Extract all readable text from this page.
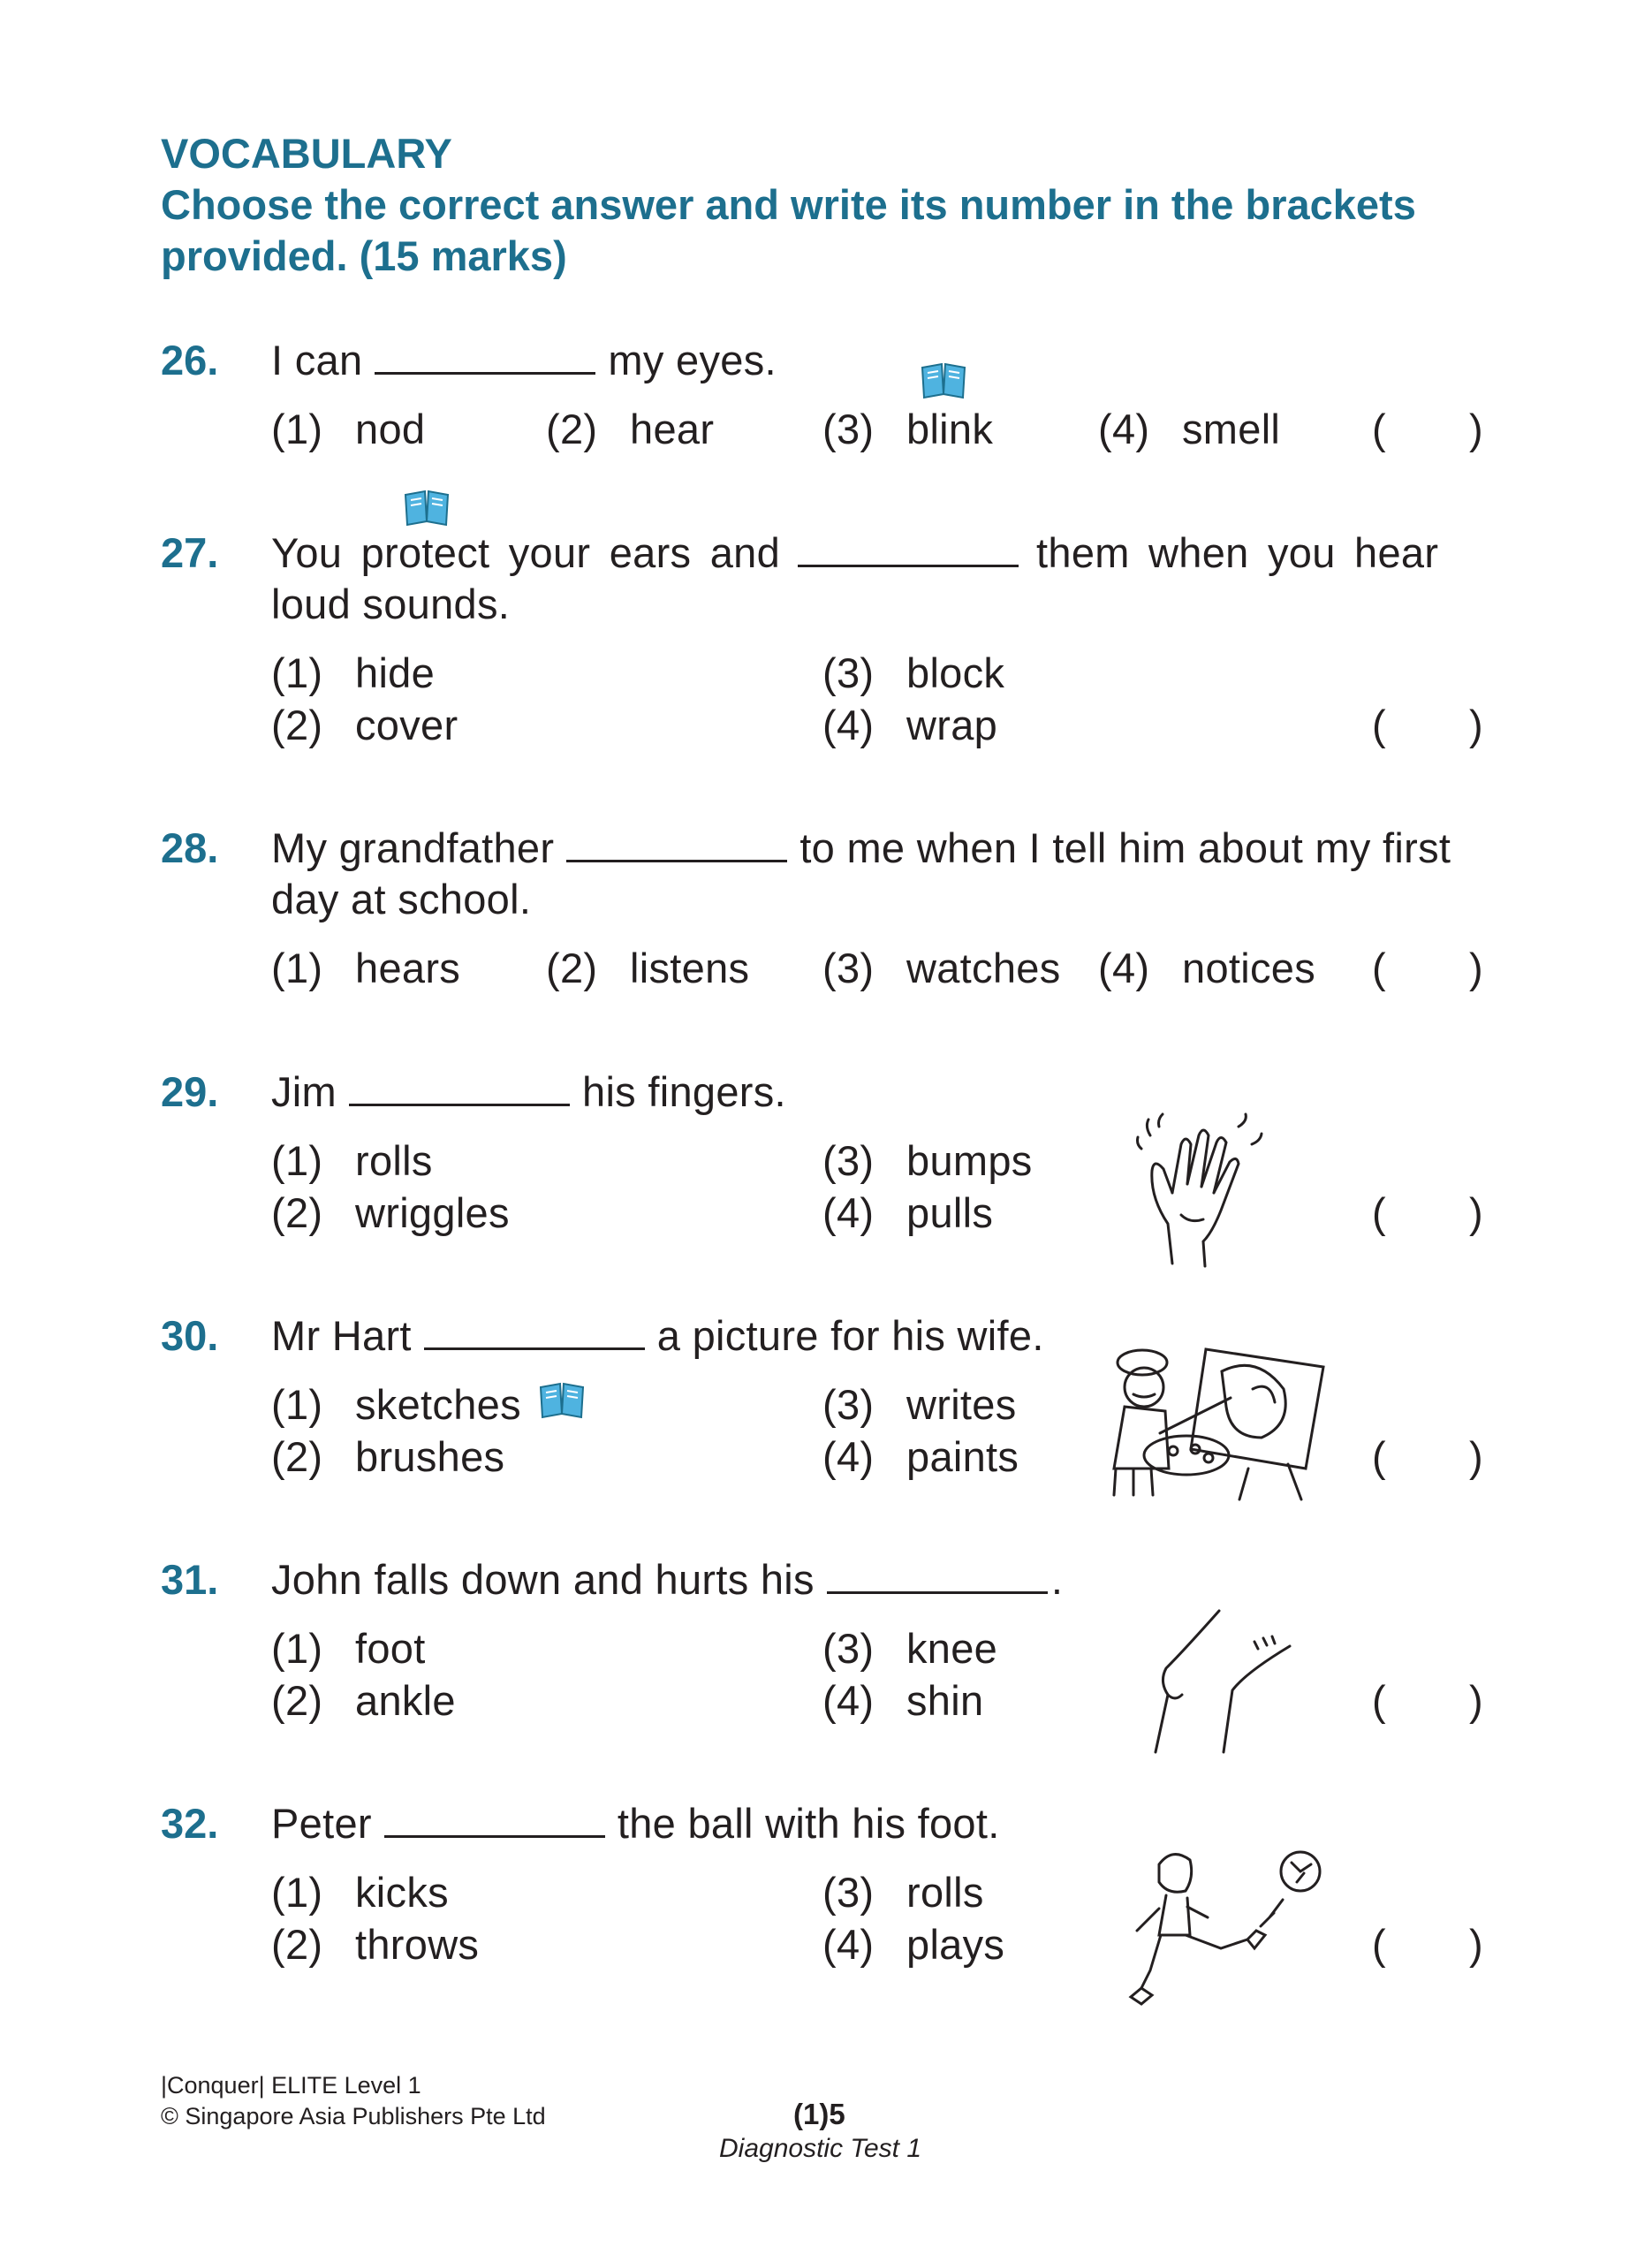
VOCABULARY
Choose the correct answer and write its number in the brackets
provided. (15 marks)
26. I can	my eyes.
(1) nod	(2) hear	(3) blink	(4) smell ( )
27. You protect your ears and	them when you hear
loud sounds.
(1) hide
(2) cover
(3) block
(4) wrap	( )
28. My grandfather	to me when I tell him about my first
day at school.
(1) hears (2) listens (3) watches (4) notices ( )
29. Jim	his fingers.
(1) rolls
(2) wriggles
(3) bumps
(4) pulls	( )
30. Mr Hart	a picture for his wife.
(1) sketches
(2) brushes
(3) writes
(4) paints	( )
31. John falls down and hurts his	.
(1) foot
(2) ankle
(3) knee
(4) shin	( )
32. Peter	the ball with his foot.
(1) kicks
(2) throws
(3) rolls
(4) plays	( )
|Conquer| ELITE Level 1
© Singapore Asia Publishers Pte Ltd	(1)5
Diagnostic Test 1
